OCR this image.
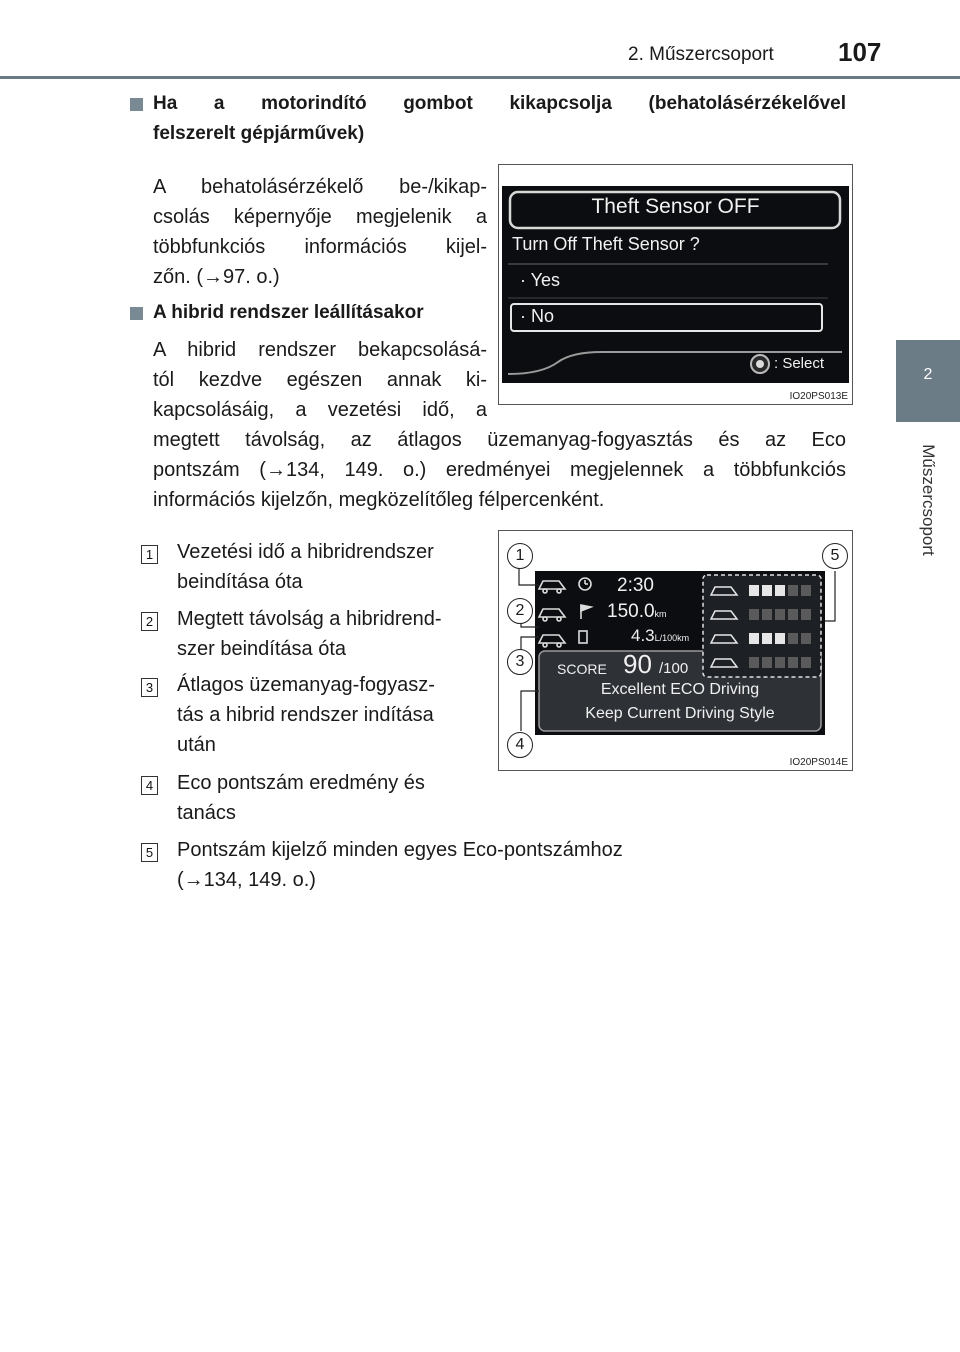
2. Műszercsoport 107
2
Műszercsoport
Ha a motorindító gombot kikapcsolja (behatolásérzékelővel
felszerelt gépjárművek)
A behatolásérzékelő be-/kikap-
csolás képernyője megjelenik a
többfunkciós információs kijel-
zőn. (→97. o.)
Theft Sensor OFF
Turn Off Theft Sensor ?
· Yes
· No
: Select
IO20PS013E
A hibrid rendszer leállításakor
A hibrid rendszer bekapcsolásá-
tól kezdve egészen annak ki-
kapcsolásáig, a vezetési idő, a
megtett távolság, az átlagos üzemanyag-fogyasztás és az Eco
pontszám (→134, 149. o.) eredményei megjelennek a többfunkciós
információs kijelzőn, megközelítőleg félpercenként.
2:30
150.0km
4.3L/100km
SCORE 90 /100
Excellent ECO Driving
Keep Current Driving Style
1
2
3
4
5
IO20PS014E
1 Vezetési idő a hibridrendszer
beindítása óta
2 Megtett távolság a hibridrend-
szer beindítása óta
3 Átlagos üzemanyag-fogyasz-
tás a hibrid rendszer indítása
után
4 Eco pontszám eredmény és
tanács
5 Pontszám kijelző minden egyes Eco-pontszámhoz
(→134, 149. o.)
